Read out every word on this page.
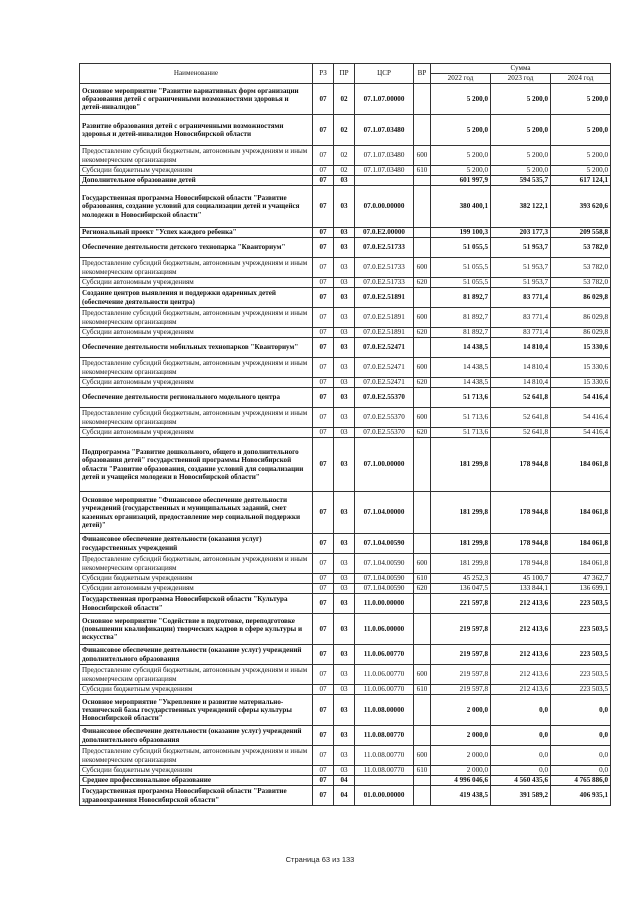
Наименование	РЗ	ПР	ЦСР	ВР	Сумма		
					2022 год	2023 год	2024 год
Основное мероприятие "Развитие вариативных форм организации образования детей с ограниченными возможностями здоровья и детей-инвалидов"	07	02	07.1.07.00000		5 200,0	5 200,0	5 200,0
Развитие образования детей с ограниченными возможностями здоровья и детей-инвалидов Новосибирской области	07	02	07.1.07.03480		5 200,0	5 200,0	5 200,0
Предоставление субсидий бюджетным, автономным учреждениям и иным некоммерческим организациям	07	02	07.1.07.03480	600	5 200,0	5 200,0	5 200,0
Субсидии бюджетным учреждениям	07	02	07.1.07.03480	610	5 200,0	5 200,0	5 200,0
Дополнительное образование детей	07	03			601 997,9	594 535,7	617 124,1
Государственная программа Новосибирской области "Развитие образования, создание условий для социализации детей и учащейся молодежи в Новосибирской области"	07	03	07.0.00.00000		380 400,1	382 122,1	393 620,6
Региональный проект "Успех каждого ребенка"	07	03	07.0.E2.00000		199 100,3	203 177,3	209 558,8
Обеспечение деятельности детского технопарка "Кванториум"	07	03	07.0.E2.51733		51 055,5	51 953,7	53 782,0
Предоставление субсидий бюджетным, автономным учреждениям и иным некоммерческим организациям	07	03	07.0.E2.51733	600	51 055,5	51 953,7	53 782,0
Субсидии автономным учреждениям	07	03	07.0.E2.51733	620	51 055,5	51 953,7	53 782,0
Создание центров выявления и поддержки одаренных детей (обеспечение деятельности центра)	07	03	07.0.E2.51891		81 892,7	83 771,4	86 029,8
Предоставление субсидий бюджетным, автономным учреждениям и иным некоммерческим организациям	07	03	07.0.E2.51891	600	81 892,7	83 771,4	86 029,8
Субсидии автономным учреждениям	07	03	07.0.E2.51891	620	81 892,7	83 771,4	86 029,8
Обеспечение деятельности мобильных технопарков "Кванториум"	07	03	07.0.E2.52471		14 438,5	14 810,4	15 330,6
Предоставление субсидий бюджетным, автономным учреждениям и иным некоммерческим организациям	07	03	07.0.E2.52471	600	14 438,5	14 810,4	15 330,6
Субсидии автономным учреждениям	07	03	07.0.E2.52471	620	14 438,5	14 810,4	15 330,6
Обеспечение деятельности регионального модельного центра	07	03	07.0.E2.55370		51 713,6	52 641,8	54 416,4
Предоставление субсидий бюджетным, автономным учреждениям и иным некоммерческим организациям	07	03	07.0.E2.55370	600	51 713,6	52 641,8	54 416,4
Субсидии автономным учреждениям	07	03	07.0.E2.55370	620	51 713,6	52 641,8	54 416,4
Подпрограмма "Развитие дошкольного, общего и дополнительного образования детей" государственной программы Новосибирской области "Развитие образования, создание условий для социализации детей и учащейся молодежи в Новосибирской области"	07	03	07.1.00.00000		181 299,8	178 944,8	184 061,8
Основное мероприятие "Финансовое обеспечение деятельности учреждений (государственных и муниципальных заданий, смет казенных организаций, предоставление мер социальной поддержки детей)"	07	03	07.1.04.00000		181 299,8	178 944,8	184 061,8
Финансовое обеспечение деятельности (оказания услуг) государственных учреждений	07	03	07.1.04.00590		181 299,8	178 944,8	184 061,8
Предоставление субсидий бюджетным, автономным учреждениям и иным некоммерческим организациям	07	03	07.1.04.00590	600	181 299,8	178 944,8	184 061,8
Субсидии бюджетным учреждениям	07	03	07.1.04.00590	610	45 252,3	45 100,7	47 362,7
Субсидии автономным учреждениям	07	03	07.1.04.00590	620	136 047,5	133 844,1	136 699,1
Государственная программа Новосибирской области "Культура Новосибирской области"	07	03	11.0.00.00000		221 597,8	212 413,6	223 503,5
Основное мероприятие "Содействие в подготовке, переподготовке (повышении квалификации) творческих кадров в сфере культуры и искусства"	07	03	11.0.06.00000		219 597,8	212 413,6	223 503,5
Финансовое обеспечение деятельности (оказание услуг) учреждений дополнительного образования	07	03	11.0.06.00770		219 597,8	212 413,6	223 503,5
Предоставление субсидий бюджетным, автономным учреждениям и иным некоммерческим организациям	07	03	11.0.06.00770	600	219 597,8	212 413,6	223 503,5
Субсидии бюджетным учреждениям	07	03	11.0.06.00770	610	219 597,8	212 413,6	223 503,5
Основное мероприятие "Укрепление и развитие материально-технической базы государственных учреждений сферы культуры Новосибирской области"	07	03	11.0.08.00000		2 000,0	0,0	0,0
Финансовое обеспечение деятельности (оказание услуг) учреждений дополнительного образования	07	03	11.0.08.00770		2 000,0	0,0	0,0
Предоставление субсидий бюджетным, автономным учреждениям и иным некоммерческим организациям	07	03	11.0.08.00770	600	2 000,0	0,0	0,0
Субсидии бюджетным учреждениям	07	03	11.0.08.00770	610	2 000,0	0,0	0,0
Среднее профессиональное образование	07	04			4 996 046,6	4 560 435,6	4 765 886,0
Государственная программа Новосибирской области "Развитие здравоохранения Новосибирской области"	07	04	01.0.00.00000		419 438,5	391 589,2	406 935,1
Страница 63 из 133
